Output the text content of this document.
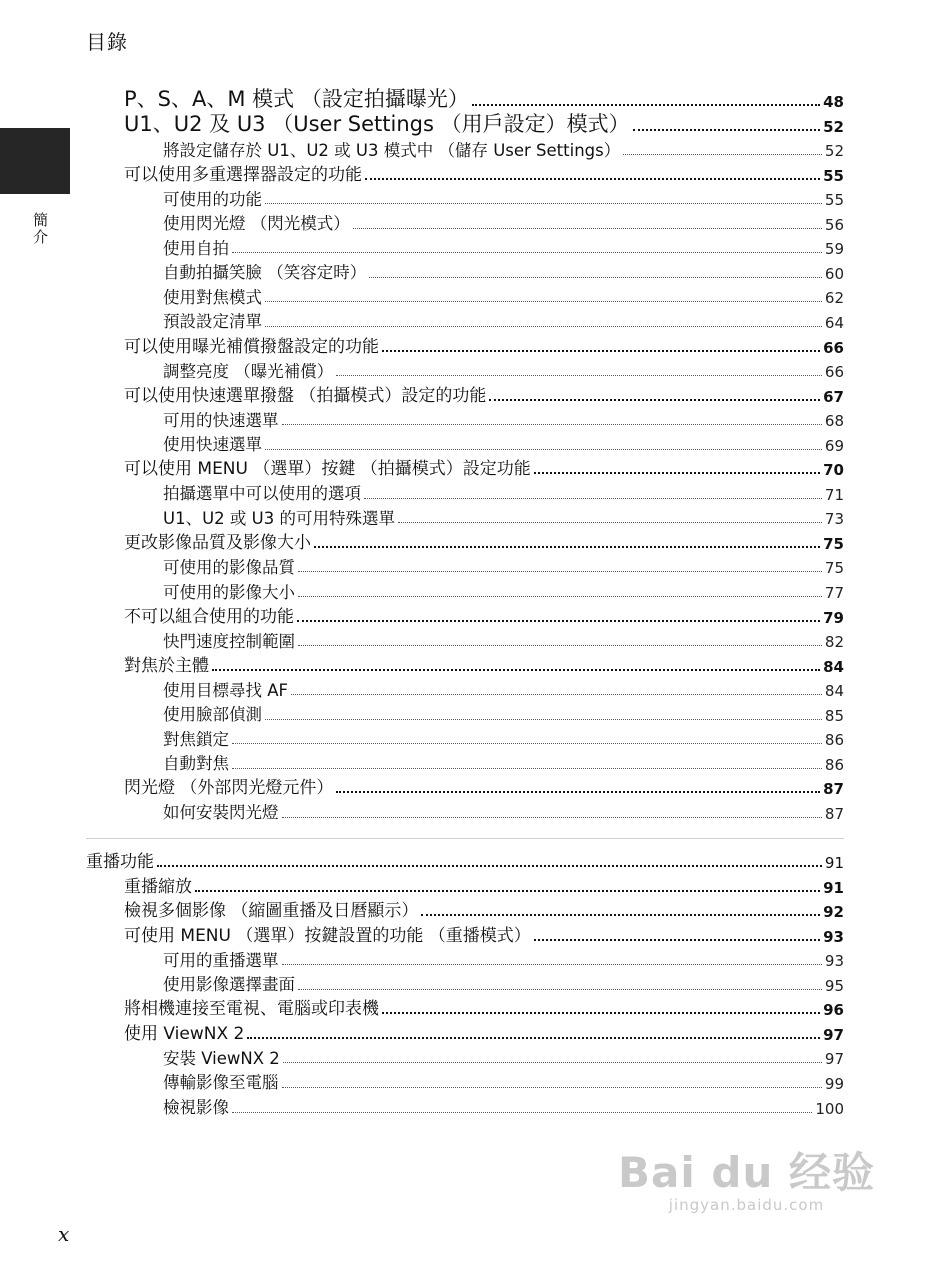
目錄
簡介
P、S、A、M 模式 （設定拍攝曝光）	48
U1、U2 及 U3 （User Settings （用戶設定）模式）	52
將設定儲存於 U1、U2 或 U3 模式中 （儲存 User Settings）	52
可以使用多重選擇器設定的功能	55
可使用的功能	55
使用閃光燈 （閃光模式）	56
使用自拍	59
自動拍攝笑臉 （笑容定時）	60
使用對焦模式	62
預設設定清單	64
可以使用曝光補償撥盤設定的功能	66
調整亮度 （曝光補償）	66
可以使用快速選單撥盤 （拍攝模式）設定的功能	67
可用的快速選單	68
使用快速選單	69
可以使用 MENU （選單）按鍵 （拍攝模式）設定功能	70
拍攝選單中可以使用的選項	71
U1、U2 或 U3 的可用特殊選單	73
更改影像品質及影像大小	75
可使用的影像品質	75
可使用的影像大小	77
不可以組合使用的功能	79
快門速度控制範圍	82
對焦於主體	84
使用目標尋找 AF	84
使用臉部偵測	85
對焦鎖定	86
自動對焦	86
閃光燈 （外部閃光燈元件）	87
如何安裝閃光燈	87
重播功能	91
重播縮放	91
檢視多個影像 （縮圖重播及日曆顯示）	92
可使用 MENU （選單）按鍵設置的功能 （重播模式）	93
可用的重播選單	93
使用影像選擇畫面	95
將相機連接至電視、電腦或印表機	96
使用 ViewNX 2	97
安裝 ViewNX 2	97
傳輸影像至電腦	99
檢視影像	100
x
Bai du 经验
jingyan.baidu.com
